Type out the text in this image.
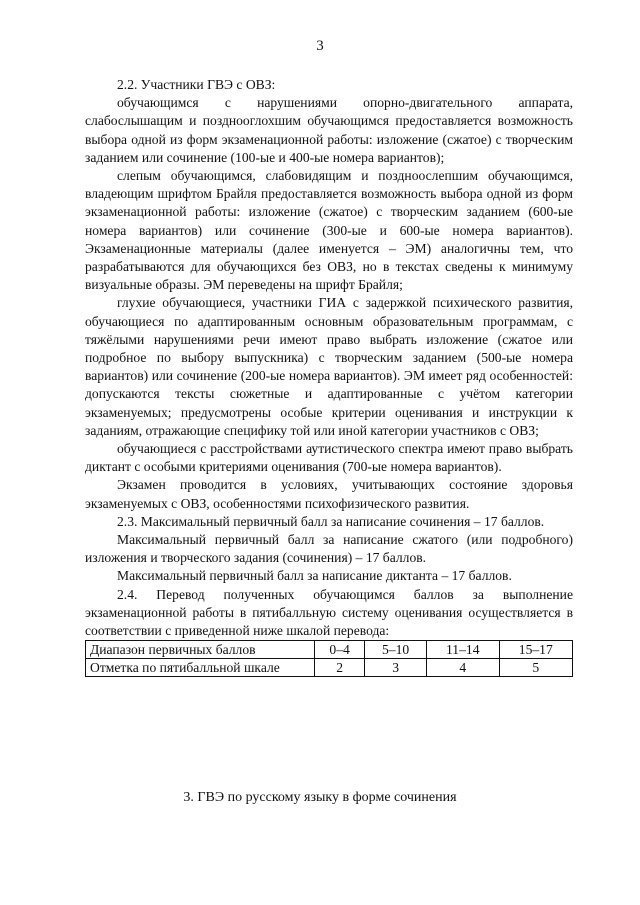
3

2.2. Участники ГВЭ с ОВЗ:

обучающимся с нарушениями опорно-двигательного аппарата, слабослышащим и позднооглохшим обучающимся предоставляется возможность выбора одной из форм экзаменационной работы: изложение (сжатое) с творческим заданием или сочинение (100-ые и 400-ые номера вариантов);

слепым обучающимся, слабовидящим и поздноослепшим обучающимся, владеющим шрифтом Брайля предоставляется возможность выбора одной из форм экзаменационной работы: изложение (сжатое) с творческим заданием (600-ые номера вариантов) или сочинение (300-ые и 600-ые номера вариантов). Экзаменационные материалы (далее именуется – ЭМ) аналогичны тем, что разрабатываются для обучающихся без ОВЗ, но в текстах сведены к минимуму визуальные образы. ЭМ переведены на шрифт Брайля;

глухие обучающиеся, участники ГИА с задержкой психического развития, обучающиеся по адаптированным основным образовательным программам, с тяжёлыми нарушениями речи имеют право выбрать изложение (сжатое или подробное по выбору выпускника) с творческим заданием (500-ые номера вариантов) или сочинение (200-ые номера вариантов). ЭМ имеет ряд особенностей: допускаются тексты сюжетные и адаптированные с учётом категории экзаменуемых; предусмотрены особые критерии оценивания и инструкции к заданиям, отражающие специфику той или иной категории участников с ОВЗ;

обучающиеся с расстройствами аутистического спектра имеют право выбрать диктант с особыми критериями оценивания (700-ые номера вариантов).

Экзамен проводится в условиях, учитывающих состояние здоровья экзаменуемых с ОВЗ, особенностями психофизического развития.

2.3. Максимальный первичный балл за написание сочинения – 17 баллов.

Максимальный первичный балл за написание сжатого (или подробного) изложения и творческого задания (сочинения) – 17 баллов.

Максимальный первичный балл за написание диктанта – 17 баллов.

2.4. Перевод полученных обучающимся баллов за выполнение экзаменационной работы в пятибалльную систему оценивания осуществляется в соответствии с приведенной ниже шкалой перевода:

Диапазон первичных баллов	0–4	5–10	11–14	15–17
Отметка по пятибалльной шкале	2	3	4	5
3. ГВЭ по русскому языку в форме сочинения
